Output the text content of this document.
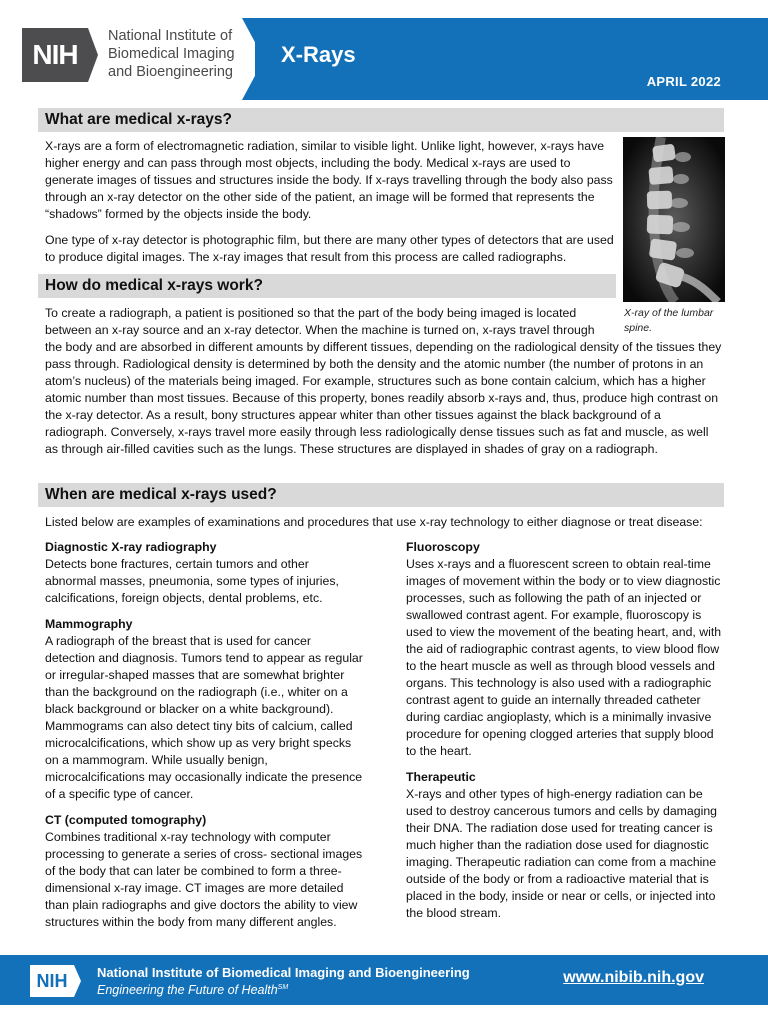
NIH
National Institute of
Biomedical Imaging
and Bioengineering
X-Rays
APRIL 2022
What are medical x-rays?

X-rays are a form of electromagnetic radiation, similar to visible light. Unlike light, however, x-rays have higher energy and can pass through most objects, including the body. Medical x-rays are used to generate images of tissues and structures inside the body. If x-rays travelling through the body also pass through an x-ray detector on the other side of the patient, an image will be formed that represents the “shadows” formed by the objects inside the body.

One type of x-ray detector is photographic film, but there are many other types of detectors that are used to produce digital images. The x-ray images that result from this process are called radiographs.

X-ray of the lumbar spine.
How do medical x-rays work?

To create a radiograph, a patient is positioned so that the part of the body being imaged is located between an x-ray source and an x-ray detector. When the machine is turned on, x-rays travel through the body and are absorbed in different amounts by different tissues, depending on the radiological density of the tissues they pass through. Radiological density is determined by both the density and the atomic number (the number of protons in an atom’s nucleus) of the materials being imaged. For example, structures such as bone contain calcium, which has a higher atomic number than most tissues. Because of this property, bones readily absorb x-rays and, thus, produce high contrast on the x-ray detector. As a result, bony structures appear whiter than other tissues against the black background of a radiograph. Conversely, x-rays travel more easily through less radiologically dense tissues such as fat and muscle, as well as through air-filled cavities such as the lungs. These structures are displayed in shades of gray on a radiograph.

When are medical x-rays used?

Listed below are examples of examinations and procedures that use x-ray technology to either diagnose or treat disease:

Diagnostic X-ray radiography

Detects bone fractures, certain tumors and other abnormal masses, pneumonia, some types of injuries, calcifications, foreign objects, dental problems, etc.

Mammography

A radiograph of the breast that is used for cancer detection and diagnosis. Tumors tend to appear as regular or irregular-shaped masses that are somewhat brighter than the background on the radiograph (i.e., whiter on a black background or blacker on a white background). Mammograms can also detect tiny bits of calcium, called microcalcifications, which show up as very bright specks on a mammogram. While usually benign, microcalcifications may occasionally indicate the presence of a specific type of cancer.

CT (computed tomography)

Combines traditional x-ray technology with computer processing to generate a series of cross- sectional images of the body that can later be combined to form a three-dimensional x-ray image. CT images are more detailed than plain radiographs and give doctors the ability to view structures within the body from many different angles.

Fluoroscopy

Uses x-rays and a fluorescent screen to obtain real-time images of movement within the body or to view diagnostic processes, such as following the path of an injected or swallowed contrast agent. For example, fluoroscopy is used to view the movement of the beating heart, and, with the aid of radiographic contrast agents, to view blood flow to the heart muscle as well as through blood vessels and organs. This technology is also used with a radiographic contrast agent to guide an internally threaded catheter during cardiac angioplasty, which is a minimally invasive procedure for opening clogged arteries that supply blood to the heart.

Therapeutic

X-rays and other types of high-energy radiation can be used to destroy cancerous tumors and cells by damaging their DNA. The radiation dose used for treating cancer is much higher than the radiation dose used for diagnostic imaging. Therapeutic radiation can come from a machine outside of the body or from a radioactive material that is placed in the body, inside or near or cells, or injected into the blood stream.

NIH	National Institute of Biomedical Imaging and Bioengineering
Engineering the Future of Health℠
www.nibib.nih.gov
